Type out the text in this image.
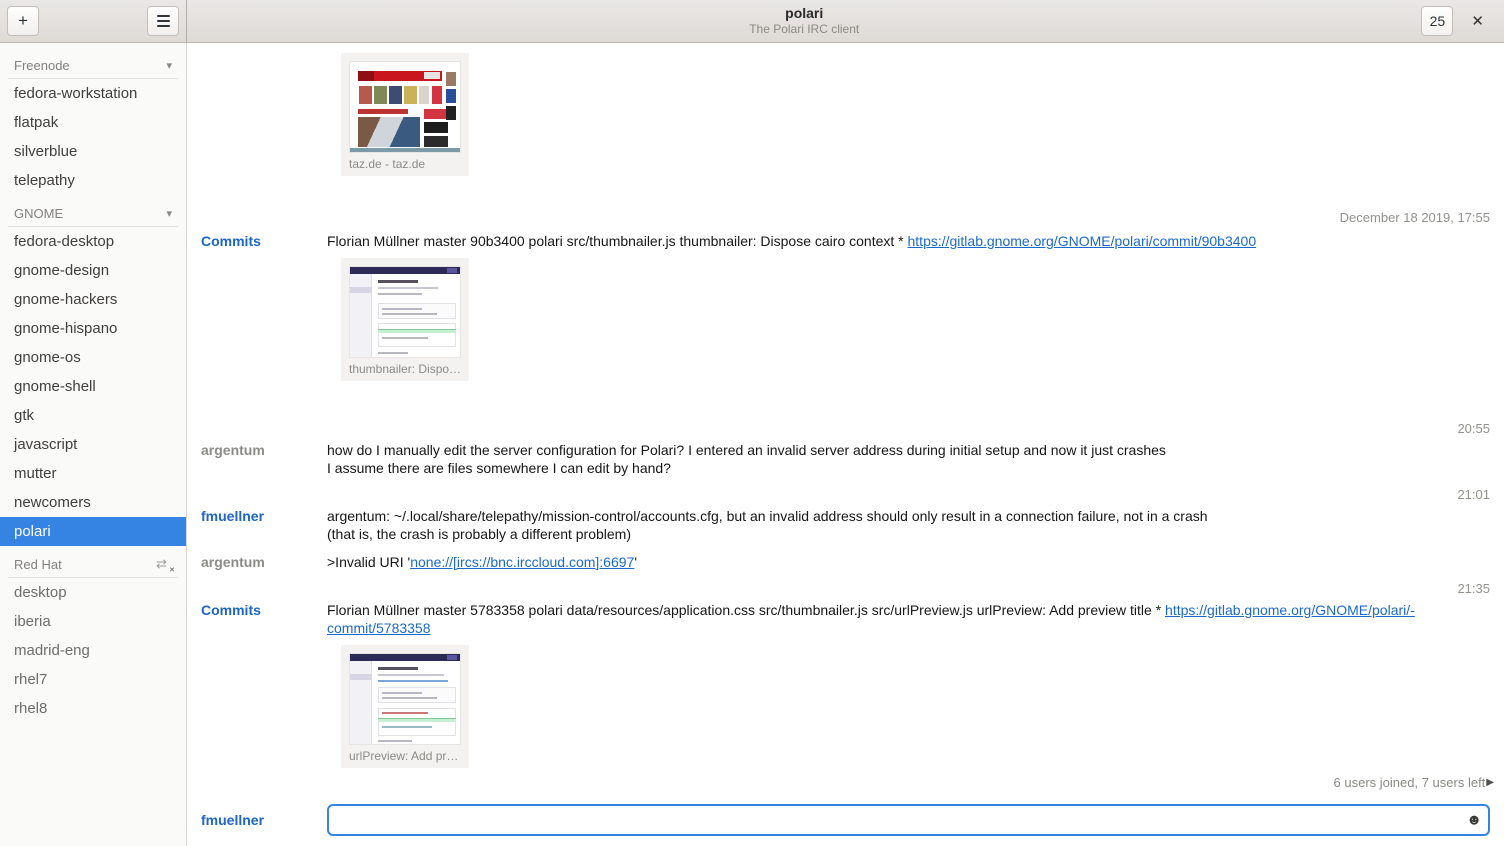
+	polari
The Polari IRC client
25	✕
Freenode	▾
fedora-workstation
flatpak
silverblue
telepathy
GNOME	▾
fedora-desktop
gnome-design
gnome-hackers
gnome-hispano
gnome-os
gnome-shell
gtk
javascript
mutter
newcomers
polari
Red Hat	⇄ ✕
desktop
iberia
madrid-eng
rhel7
rhel8
taz.de - taz.de
December 18 2019, 17:55
Commits	Florian Müllner master 90b3400 polari src/thumbnailer.js thumbnailer: Dispose cairo context * https://gitlab.gnome.org/GNOME/polari/commit/90b3400
thumbnailer: Dispo…
20:55
argentum	how do I manually edit the server configuration for Polari? I entered an invalid server address during initial setup and now it just crashes
I assume there are files somewhere I can edit by hand?
21:01
fmuellner	argentum: ~/.local/share/telepathy/mission-control/accounts.cfg, but an invalid address should only result in a connection failure, not in a crash
(that is, the crash is probably a different problem)
argentum	>Invalid URI 'none://[ircs://bnc.irccloud.com]:6697'
21:35
Commits	Florian Müllner master 5783358 polari data/resources/application.css src/thumbnailer.js src/urlPreview.js urlPreview: Add preview title * https://gitlab.gnome.org/GNOME/polari/-
commit/5783358
urlPreview: Add pr…
6 users joined, 7 users left ▶
fmuellner	☻
